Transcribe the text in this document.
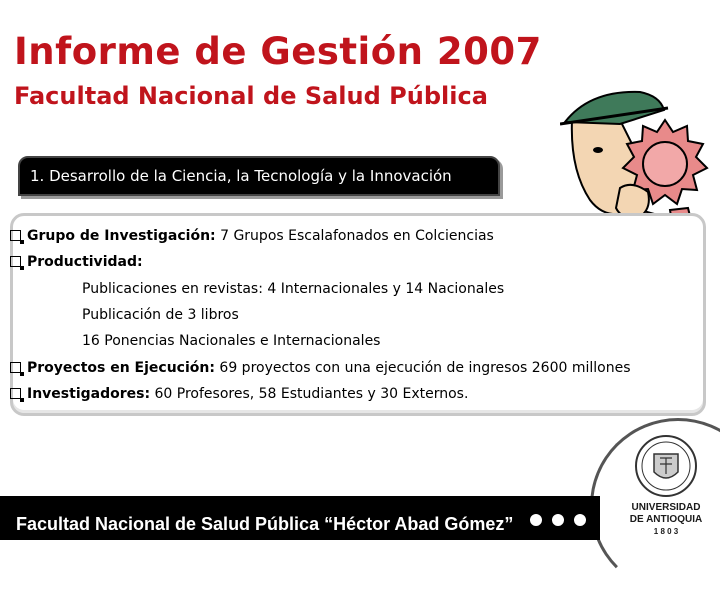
Informe de Gestión 2007
Facultad Nacional de Salud Pública
1. Desarrollo de la Ciencia, la Tecnología y la Innovación
Grupo de Investigación: 7 Grupos Escalafonados en Colciencias
Productividad:
Publicaciones en revistas: 4 Internacionales y 14 Nacionales
Publicación de 3 libros
16 Ponencias Nacionales e Internacionales
Proyectos en Ejecución: 69 proyectos con una ejecución de ingresos 2600 millones
Investigadores: 60 Profesores, 58 Estudiantes y 30 Externos.
UNIVERSIDAD
DE ANTIOQUIA
1 8 0 3
Facultad Nacional de Salud Pública “Héctor Abad Gómez”
